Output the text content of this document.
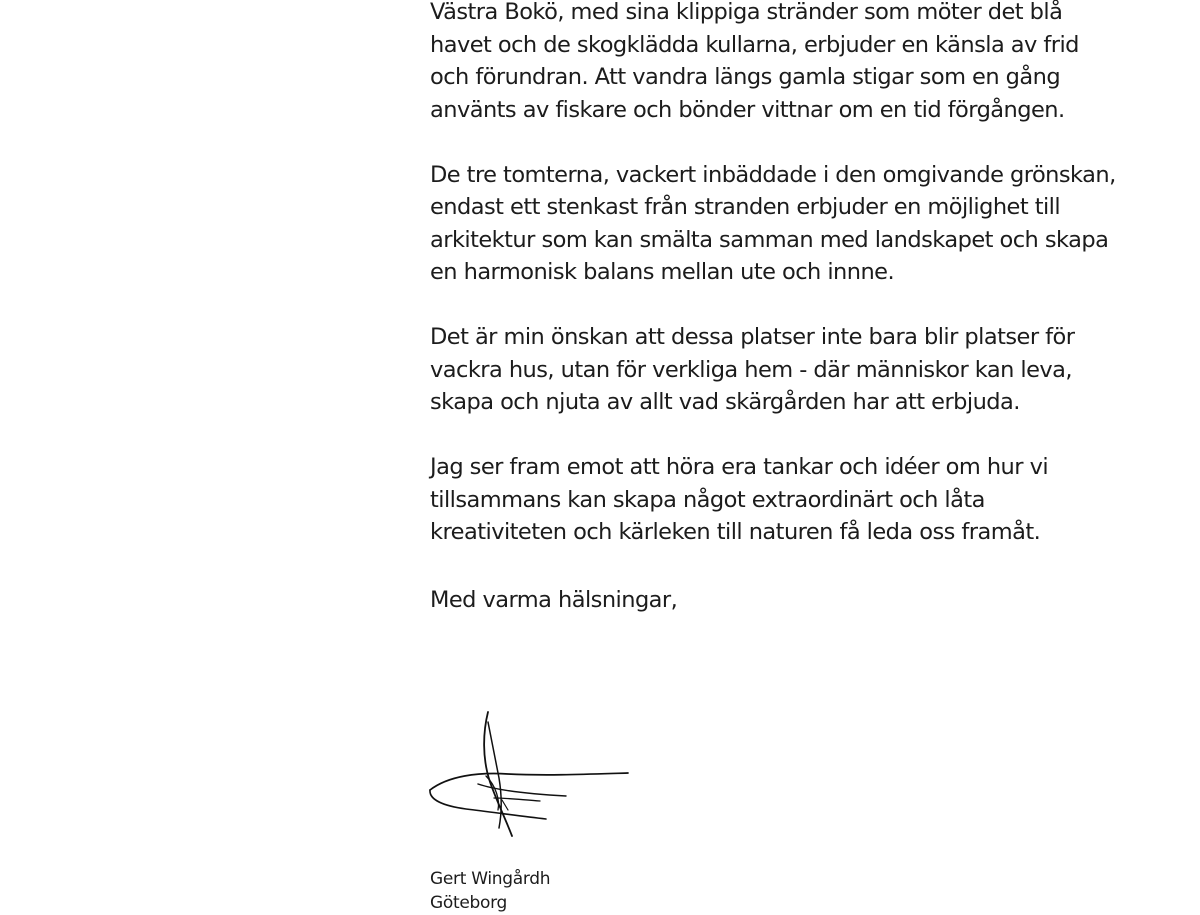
Västra Bokö, med sina klippiga stränder som möter det blå
havet och de skogklädda kullarna, erbjuder en känsla av frid
och förundran. Att vandra längs gamla stigar som en gång
använts av fiskare och bönder vittnar om en tid förgången.

De tre tomterna, vackert inbäddade i den omgivande grönskan,
endast ett stenkast från stranden erbjuder en möjlighet till
arkitektur som kan smälta samman med landskapet och skapa
en harmonisk balans mellan ute och innne.

Det är min önskan att dessa platser inte bara blir platser för
vackra hus, utan för verkliga hem - där människor kan leva,
skapa och njuta av allt vad skärgården har att erbjuda.

Jag ser fram emot att höra era tankar och idéer om hur vi
tillsammans kan skapa något extraordinärt och låta
kreativiteten och kärleken till naturen få leda oss framåt.

Med varma hälsningar,

Gert Wingårdh

Göteborg
